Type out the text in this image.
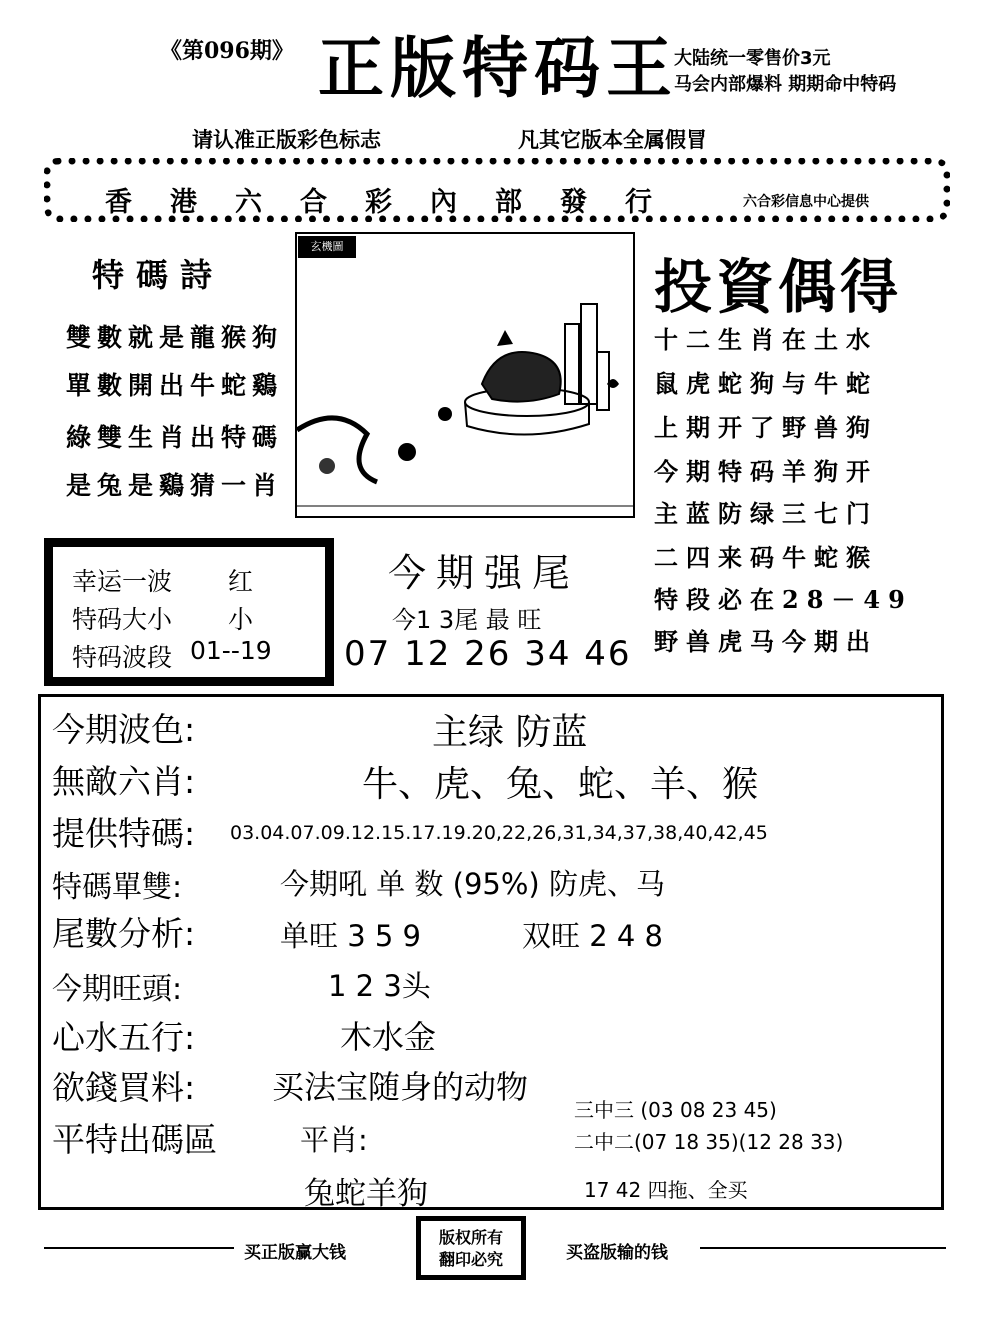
《第096期》 正版特码王
大陆统一零售价3元
马会内部爆料 期期命中特码
请认准正版彩色标志	凡其它版本全属假冒
香港六合彩內部發行	六合彩信息中心提供
特碼詩
雙數就是龍猴狗
單數開出牛蛇鷄
綠雙生肖出特碼
是兔是鷄猜一肖
玄機圖
投資偶得
十二生肖在土水
鼠虎蛇狗与牛蛇
上期开了野兽狗
今期特码羊狗开
主蓝防绿三七门
二四来码牛蛇猴
特段必在28－49
野兽虎马今期出
幸运一波 红
特码大小 小
特码波段 01--19
今期强尾
今1 3尾 最 旺
07 12 26 34 46
今期波色:	主绿 防蓝
無敵六肖:	牛、虎、兔、蛇、羊、猴
提供特碼: 03.04.07.09.12.15.17.19.20,22,26,31,34,37,38,40,42,45
特碼單雙:	今期吼 单 数 (95%) 防虎、马
尾數分析:	单旺 3 5 9	双旺 2 4 8
今期旺頭:	1 2 3头
心水五行:	木水金
欲錢買料: 买法宝随身的动物
平特出碼區	平肖:
兔蛇羊狗
三中三 (03 08 23 45)
二中二(07 18 35)(12 28 33)
17 42 四拖、全买
买正版赢大钱
版权所有
翻印必究	买盗版输的钱
